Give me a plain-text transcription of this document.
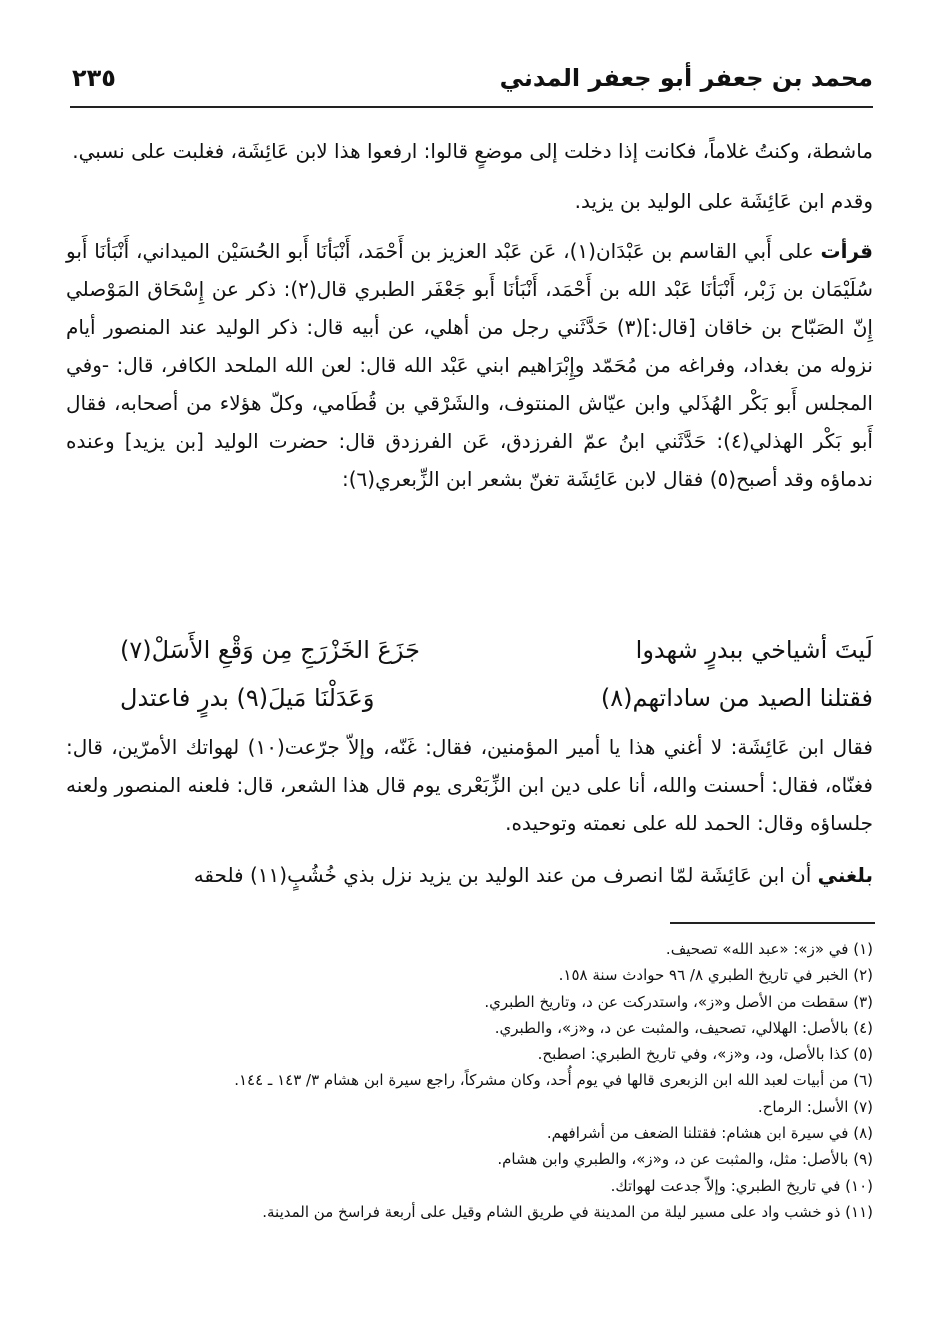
محمد بن جعفر أبو جعفر المدني
٢٣٥

ماشطة، وكنتُ غلاماً، فكانت إذا دخلت إلى موضعٍ قالوا: ارفعوا هذا لابن عَائِشَة، فغلبت على نسبي.

وقدم ابن عَائِشَة على الوليد بن يزيد.

قرأت على أَبي القاسم بن عَبْدَان(١)، عَن عَبْد العزيز بن أَحْمَد، أَنْبَأنَا أَبو الحُسَيْن الميداني، أَنْبَأنَا أَبو سُلَيْمَان بن زَبْر، أَنْبَأنَا عَبْد الله بن أَحْمَد، أَنْبَأنَا أَبو جَعْفَر الطبري قال(٢): ذكر عن إِسْحَاق المَوْصلي إِنّ الصَبّاح بن خاقان [قال:](٣) حَدَّثَني رجل من أهلي، عن أبيه قال: ذكر الوليد عند المنصور أيام نزوله من بغداد، وفراغه من مُحَمّد وإِبْرَاهيم ابني عَبْد الله قال: لعن الله الملحد الكافر، قال: -وفي المجلس أَبو بَكْر الهُذَلي وابن عيّاش المنتوف، والشَرْقي بن قُطَامي، وكلّ هؤلاء من أصحابه، فقال أَبو بَكْر الهذلي(٤): حَدَّثَني ابنُ عمّ الفرزدق، عَن الفرزدق قال: حضرت الوليد [بن يزيد] وعنده ندماؤه وقد أصبح(٥) فقال لابن عَائِشَة تغنّ بشعر ابن الزِّبعري(٦):

لَيتَ أشياخي ببدرٍ شهدوا
جَزَعَ الخَزْرَجِ مِن وَقْعِ الأَسَلْ(٧)
فقتلنا الصيد من ساداتهم(٨)
وَعَدَلْنَا مَيلَ(٩) بدرٍ فاعتدل

فقال ابن عَائِشَة: لا أغني هذا يا أمير المؤمنين، فقال: غَنّه، وإلاّ جرّعت(١٠) لهواتك الأمرّين، قال: فغنّاه، فقال: أحسنت والله، أنا على دين ابن الزِّبَعْرى يوم قال هذا الشعر، قال: فلعنه المنصور ولعنه جلساؤه وقال: الحمد لله على نعمته وتوحيده.

بلغني أن ابن عَائِشَة لمّا انصرف من عند الوليد بن يزيد نزل بذي خُشُبٍ(١١) فلحقه

(١) في «ز»: «عبد الله» تصحيف.
(٢) الخبر في تاريخ الطبري ٨/ ٩٦ حوادث سنة ١٥٨.
(٣) سقطت من الأصل و«ز»، واستدركت عن د، وتاريخ الطبري.
(٤) بالأصل: الهلالي، تصحيف، والمثبت عن د، و«ز»، والطبري.
(٥) كذا بالأصل، ود، و«ز»، وفي تاريخ الطبري: اصطبح.
(٦) من أبيات لعبد الله ابن الزبعرى قالها في يوم أُحد، وكان مشركاً، راجع سيرة ابن هشام ٣/ ١٤٣ ـ ١٤٤.
(٧) الأسل: الرماح.
(٨) في سيرة ابن هشام: فقتلنا الضعف من أشرافهم.
(٩) بالأصل: مثل، والمثبت عن د، و«ز»، والطبري وابن هشام.
(١٠) في تاريخ الطبري: وإلاّ جدعت لهواتك.
(١١) ذو خشب واد على مسير ليلة من المدينة في طريق الشام وقيل على أربعة فراسخ من المدينة.
